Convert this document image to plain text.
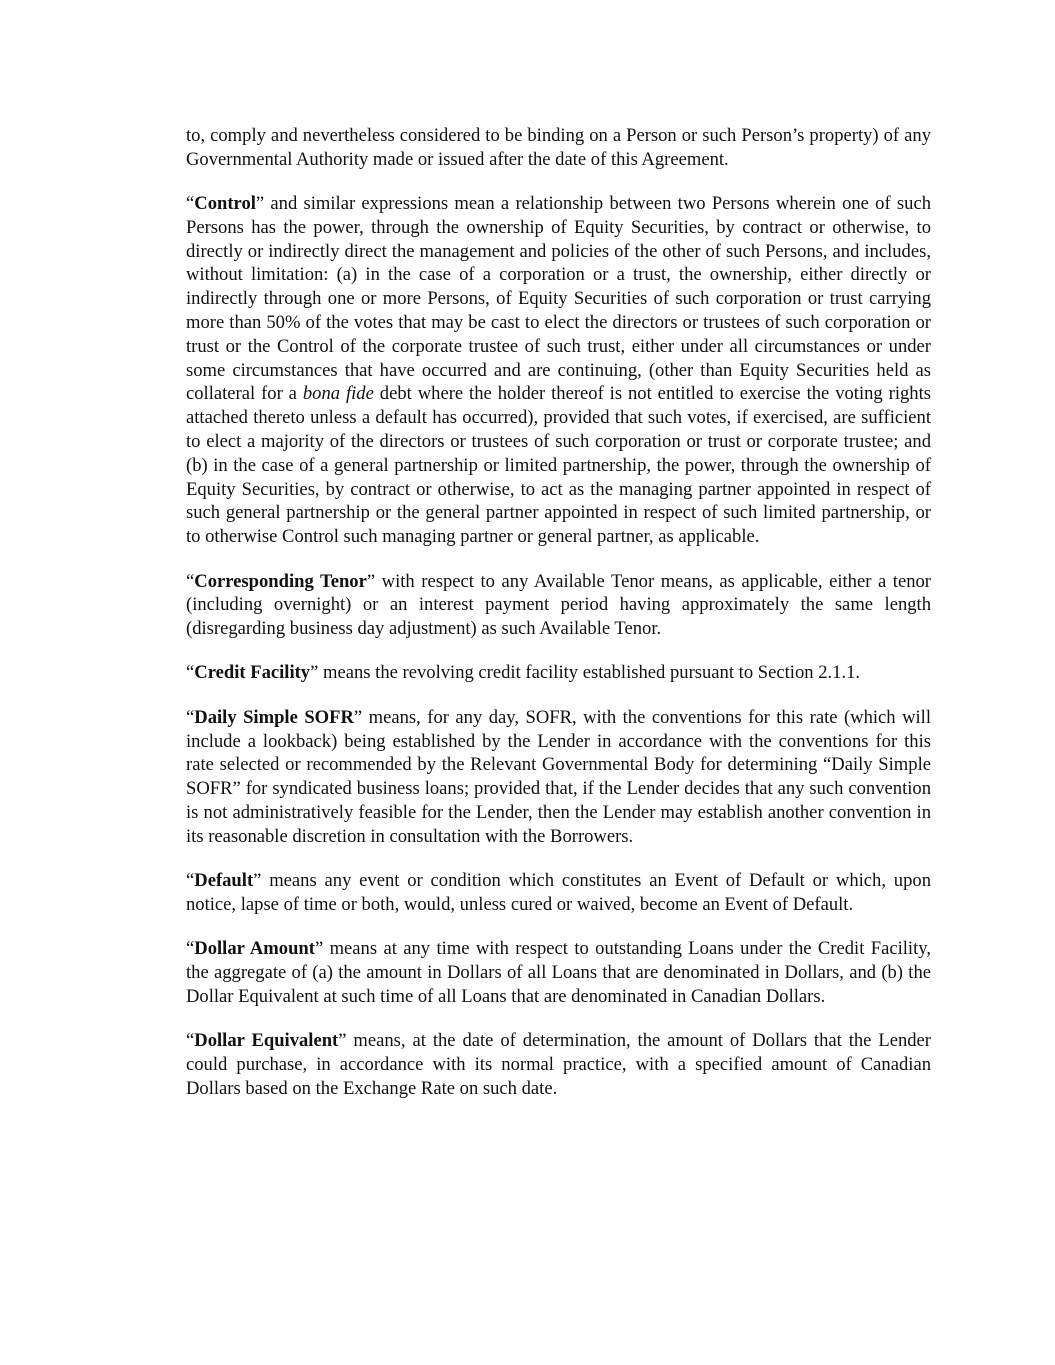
to, comply and nevertheless considered to be binding on a Person or such Person’s property) of any Governmental Authority made or issued after the date of this Agreement.

“Control” and similar expressions mean a relationship between two Persons wherein one of such Persons has the power, through the ownership of Equity Securities, by contract or otherwise, to directly or indirectly direct the management and policies of the other of such Persons, and includes, without limitation: (a) in the case of a corporation or a trust, the ownership, either directly or indirectly through one or more Persons, of Equity Securities of such corporation or trust carrying more than 50% of the votes that may be cast to elect the directors or trustees of such corporation or trust or the Control of the corporate trustee of such trust, either under all circumstances or under some circumstances that have occurred and are continuing, (other than Equity Securities held as collateral for a bona fide debt where the holder thereof is not entitled to exercise the voting rights attached thereto unless a default has occurred), provided that such votes, if exercised, are sufficient to elect a majority of the directors or trustees of such corporation or trust or corporate trustee; and (b) in the case of a general partnership or limited partnership, the power, through the ownership of Equity Securities, by contract or otherwise, to act as the managing partner appointed in respect of such general partnership or the general partner appointed in respect of such limited partnership, or to otherwise Control such managing partner or general partner, as applicable.

“Corresponding Tenor” with respect to any Available Tenor means, as applicable, either a tenor (including overnight) or an interest payment period having approximately the same length (disregarding business day adjustment) as such Available Tenor.

“Credit Facility” means the revolving credit facility established pursuant to Section 2.1.1.

“Daily Simple SOFR” means, for any day, SOFR, with the conventions for this rate (which will include a lookback) being established by the Lender in accordance with the conventions for this rate selected or recommended by the Relevant Governmental Body for determining “Daily Simple SOFR” for syndicated business loans; provided that, if the Lender decides that any such convention is not administratively feasible for the Lender, then the Lender may establish another convention in its reasonable discretion in consultation with the Borrowers.

“Default” means any event or condition which constitutes an Event of Default or which, upon notice, lapse of time or both, would, unless cured or waived, become an Event of Default.

“Dollar Amount” means at any time with respect to outstanding Loans under the Credit Facility, the aggregate of (a) the amount in Dollars of all Loans that are denominated in Dollars, and (b) the Dollar Equivalent at such time of all Loans that are denominated in Canadian Dollars.

“Dollar Equivalent” means, at the date of determination, the amount of Dollars that the Lender could purchase, in accordance with its normal practice, with a specified amount of Canadian Dollars based on the Exchange Rate on such date.
